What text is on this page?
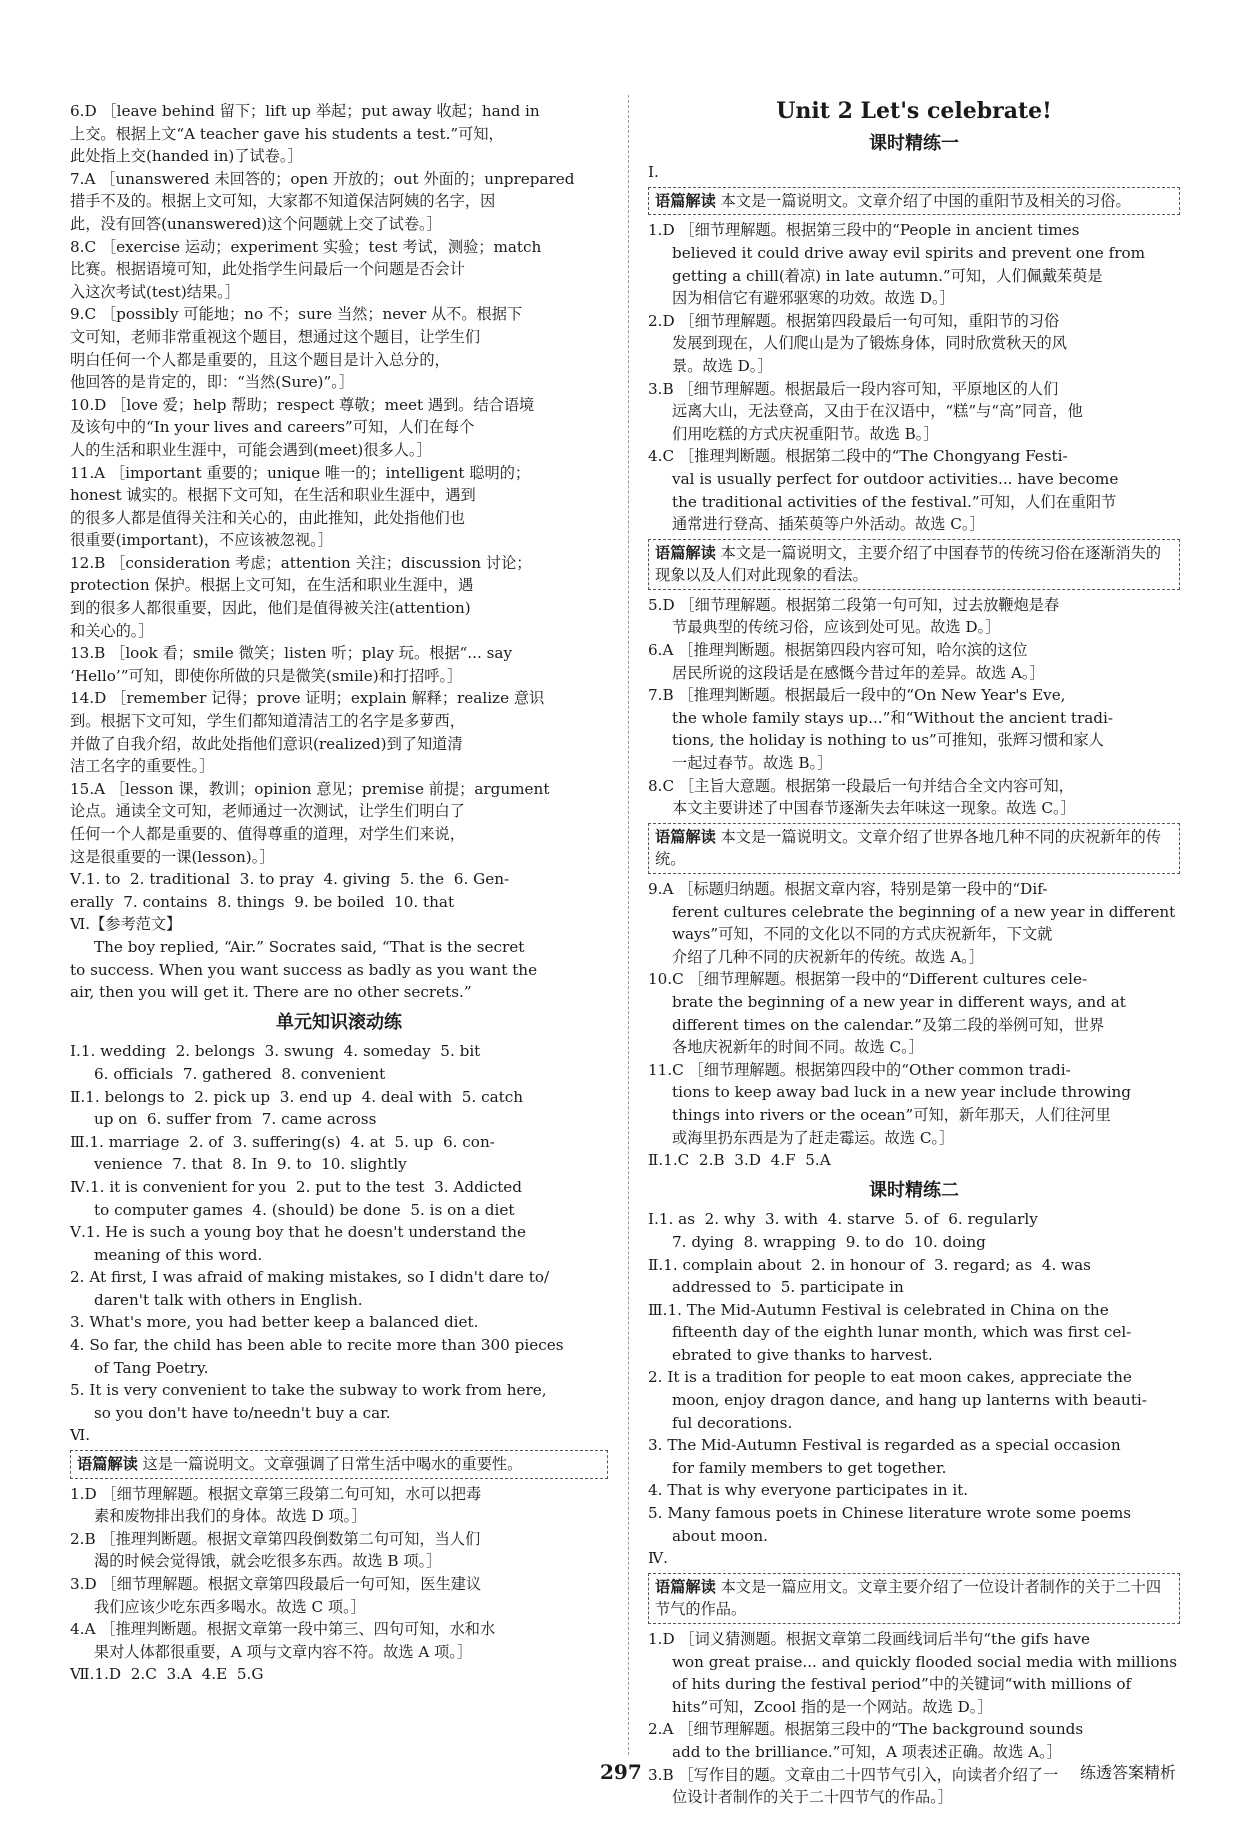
6.D ［leave behind 留下；lift up 举起；put away 收起；hand in
上交。根据上文“A teacher gave his students a test.”可知，
此处指上交(handed in)了试卷。］
7.A ［unanswered 未回答的；open 开放的；out 外面的；unprepared
措手不及的。根据上文可知，大家都不知道保洁阿姨的名字，因
此，没有回答(unanswered)这个问题就上交了试卷。］
8.C ［exercise 运动；experiment 实验；test 考试，测验；match
比赛。根据语境可知，此处指学生问最后一个问题是否会计
入这次考试(test)结果。］
9.C ［possibly 可能地；no 不；sure 当然；never 从不。根据下
文可知，老师非常重视这个题目，想通过这个题目，让学生们
明白任何一个人都是重要的，且这个题目是计入总分的，
他回答的是肯定的，即：“当然(Sure)”。］
10.D ［love 爱；help 帮助；respect 尊敬；meet 遇到。结合语境
及该句中的“In your lives and careers”可知，人们在每个
人的生活和职业生涯中，可能会遇到(meet)很多人。］
11.A ［important 重要的；unique 唯一的；intelligent 聪明的；
honest 诚实的。根据下文可知，在生活和职业生涯中，遇到
的很多人都是值得关注和关心的，由此推知，此处指他们也
很重要(important)，不应该被忽视。］
12.B ［consideration 考虑；attention 关注；discussion 讨论；
protection 保护。根据上文可知，在生活和职业生涯中，遇
到的很多人都很重要，因此，他们是值得被关注(attention)
和关心的。］
13.B ［look 看；smile 微笑；listen 听；play 玩。根据“... say
‘Hello’”可知，即使你所做的只是微笑(smile)和打招呼。］
14.D ［remember 记得；prove 证明；explain 解释；realize 意识
到。根据下文可知，学生们都知道清洁工的名字是多萝西，
并做了自我介绍，故此处指他们意识(realized)到了知道清
洁工名字的重要性。］
15.A ［lesson 课，教训；opinion 意见；premise 前提；argument
论点。通读全文可知，老师通过一次测试，让学生们明白了
任何一个人都是重要的、值得尊重的道理，对学生们来说，
这是很重要的一课(lesson)。］
Ⅴ.1. to  2. traditional  3. to pray  4. giving  5. the  6. Gen-
erally  7. contains  8. things  9. be boiled  10. that
Ⅵ.【参考范文】
The boy replied, “Air.” Socrates said, “That is the secret
to success. When you want success as badly as you want the
air, then you will get it. There are no other secrets.”
单元知识滚动练
Ⅰ.1. wedding  2. belongs  3. swung  4. someday  5. bit
6. officials  7. gathered  8. convenient
Ⅱ.1. belongs to  2. pick up  3. end up  4. deal with  5. catch
up on  6. suffer from  7. came across
Ⅲ.1. marriage  2. of  3. suffering(s)  4. at  5. up  6. con-
venience  7. that  8. In  9. to  10. slightly
Ⅳ.1. it is convenient for you  2. put to the test  3. Addicted
to computer games  4. (should) be done  5. is on a diet
Ⅴ.1. He is such a young boy that he doesn't understand the
meaning of this word.
2. At first, I was afraid of making mistakes, so I didn't dare to/
daren't talk with others in English.
3. What's more, you had better keep a balanced diet.
4. So far, the child has been able to recite more than 300 pieces
of Tang Poetry.
5. It is very convenient to take the subway to work from here,
so you don't have to/needn't buy a car.
Ⅵ.
语篇解读 这是一篇说明文。文章强调了日常生活中喝水的重要性。
1.D ［细节理解题。根据文章第三段第二句可知，水可以把毒
素和废物排出我们的身体。故选 D 项。］
2.B ［推理判断题。根据文章第四段倒数第二句可知，当人们
渴的时候会觉得饿，就会吃很多东西。故选 B 项。］
3.D ［细节理解题。根据文章第四段最后一句可知，医生建议
我们应该少吃东西多喝水。故选 C 项。］
4.A ［推理判断题。根据文章第一段中第三、四句可知，水和水
果对人体都很重要，A 项与文章内容不符。故选 A 项。］
Ⅶ.1.D  2.C  3.A  4.E  5.G
Unit 2 Let's celebrate!
课时精练一
Ⅰ.
语篇解读 本文是一篇说明文。文章介绍了中国的重阳节及相关的习俗。
1.D ［细节理解题。根据第三段中的“People in ancient times
believed it could drive away evil spirits and prevent one from
getting a chill(着凉) in late autumn.”可知，人们佩戴茱萸是
因为相信它有避邪驱寒的功效。故选 D。］
2.D ［细节理解题。根据第四段最后一句可知，重阳节的习俗
发展到现在，人们爬山是为了锻炼身体，同时欣赏秋天的风
景。故选 D。］
3.B ［细节理解题。根据最后一段内容可知，平原地区的人们
远离大山，无法登高，又由于在汉语中，“糕”与“高”同音，他
们用吃糕的方式庆祝重阳节。故选 B。］
4.C ［推理判断题。根据第二段中的“The Chongyang Festi-
val is usually perfect for outdoor activities... have become
the traditional activities of the festival.”可知，人们在重阳节
通常进行登高、插茱萸等户外活动。故选 C。］
语篇解读 本文是一篇说明文，主要介绍了中国春节的传统习俗在逐渐消失的现象以及人们对此现象的看法。
5.D ［细节理解题。根据第二段第一句可知，过去放鞭炮是春
节最典型的传统习俗，应该到处可见。故选 D。］
6.A ［推理判断题。根据第四段内容可知，哈尔滨的这位
居民所说的这段话是在感慨今昔过年的差异。故选 A。］
7.B ［推理判断题。根据最后一段中的“On New Year's Eve,
the whole family stays up...”和“Without the ancient tradi-
tions, the holiday is nothing to us”可推知，张辉习惯和家人
一起过春节。故选 B。］
8.C ［主旨大意题。根据第一段最后一句并结合全文内容可知，
本文主要讲述了中国春节逐渐失去年味这一现象。故选 C。］
语篇解读 本文是一篇说明文。文章介绍了世界各地几种不同的庆祝新年的传统。
9.A ［标题归纳题。根据文章内容，特别是第一段中的“Dif-
ferent cultures celebrate the beginning of a new year in different
ways”可知，不同的文化以不同的方式庆祝新年，下文就
介绍了几种不同的庆祝新年的传统。故选 A。］
10.C ［细节理解题。根据第一段中的“Different cultures cele-
brate the beginning of a new year in different ways, and at
different times on the calendar.”及第二段的举例可知，世界
各地庆祝新年的时间不同。故选 C。］
11.C ［细节理解题。根据第四段中的“Other common tradi-
tions to keep away bad luck in a new year include throwing
things into rivers or the ocean”可知，新年那天，人们往河里
或海里扔东西是为了赶走霉运。故选 C。］
Ⅱ.1.C  2.B  3.D  4.F  5.A
课时精练二
Ⅰ.1. as  2. why  3. with  4. starve  5. of  6. regularly
7. dying  8. wrapping  9. to do  10. doing
Ⅱ.1. complain about  2. in honour of  3. regard; as  4. was
addressed to  5. participate in
Ⅲ.1. The Mid-Autumn Festival is celebrated in China on the
fifteenth day of the eighth lunar month, which was first cel-
ebrated to give thanks to harvest.
2. It is a tradition for people to eat moon cakes, appreciate the
moon, enjoy dragon dance, and hang up lanterns with beauti-
ful decorations.
3. The Mid-Autumn Festival is regarded as a special occasion
for family members to get together.
4. That is why everyone participates in it.
5. Many famous poets in Chinese literature wrote some poems
about moon.
Ⅳ.
语篇解读 本文是一篇应用文。文章主要介绍了一位设计者制作的关于二十四节气的作品。
1.D ［词义猜测题。根据文章第二段画线词后半句“the gifs have
won great praise... and quickly flooded social media with millions
of hits during the festival period”中的关键词“with millions of
hits”可知，Zcool 指的是一个网站。故选 D。］
2.A ［细节理解题。根据第三段中的“The background sounds
add to the brilliance.”可知，A 项表述正确。故选 A。］
3.B ［写作目的题。文章由二十四节气引入，向读者介绍了一
位设计者制作的关于二十四节气的作品。］
297	练透答案精析
